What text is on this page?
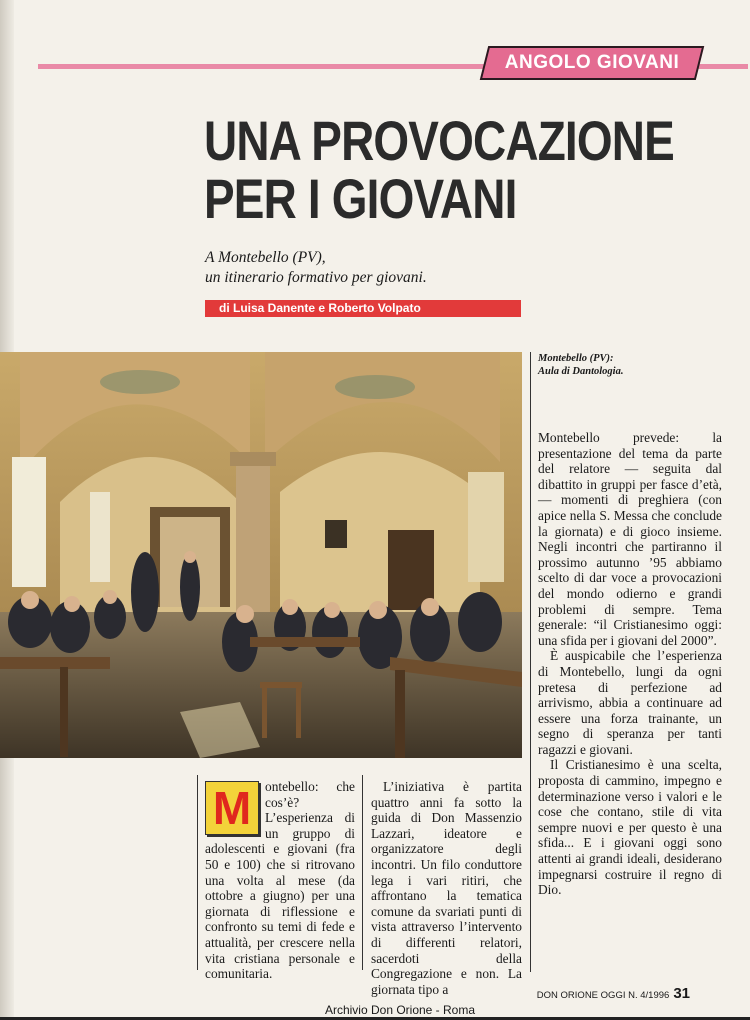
ANGOLO GIOVANI
UNA PROVOCAZIONE
PER I GIOVANI
A Montebello (PV),
un itinerario formativo per giovani.
di Luisa Danente e Roberto Volpato
Montebello (PV):
Aula di Dantologia.
M	ontebello: che cos’è? L’esperienza di un gruppo di adolescenti e giovani (fra 50 e 100) che si ritrovano una volta al mese (da ottobre a giugno) per una giornata di riflessione e confronto su temi di fede e attualità, per crescere nella vita cristiana personale e comunitaria.

L’iniziativa è partita quattro anni fa sotto la guida di Don Massenzio Lazzari, ideatore e organizzatore degli incontri. Un filo conduttore lega i vari ritiri, che affrontano la tematica comune da svariati punti di vista attraverso l’intervento di differenti relatori, sacerdoti della Congregazione e non. La giornata tipo a

Montebello prevede: la presentazione del tema da parte del relatore — seguita dal dibattito in gruppi per fasce d’età, — momenti di preghiera (con apice nella S. Messa che conclude la giornata) e di gioco insieme. Negli incontri che partiranno il prossimo autunno ’95 abbiamo scelto di dar voce a provocazioni del mondo odierno e grandi problemi di sempre. Tema generale: “il Cristianesimo oggi: una sfida per i giovani del 2000”.

È auspicabile che l’esperienza di Montebello, lungi da ogni pretesa di perfezione ad arrivismo, abbia a continuare ad essere una forza trainante, un segno di speranza per tanti ragazzi e giovani.

Il Cristianesimo è una scelta, proposta di cammino, impegno e determinazione verso i valori e le cose che contano, stile di vita sempre nuovi e per questo è una sfida... E i giovani oggi sono attenti ai grandi ideali, desiderano impegnarsi costruire il regno di Dio.

DON ORIONE OGGI N. 4/1996 31
Archivio Don Orione - Roma
